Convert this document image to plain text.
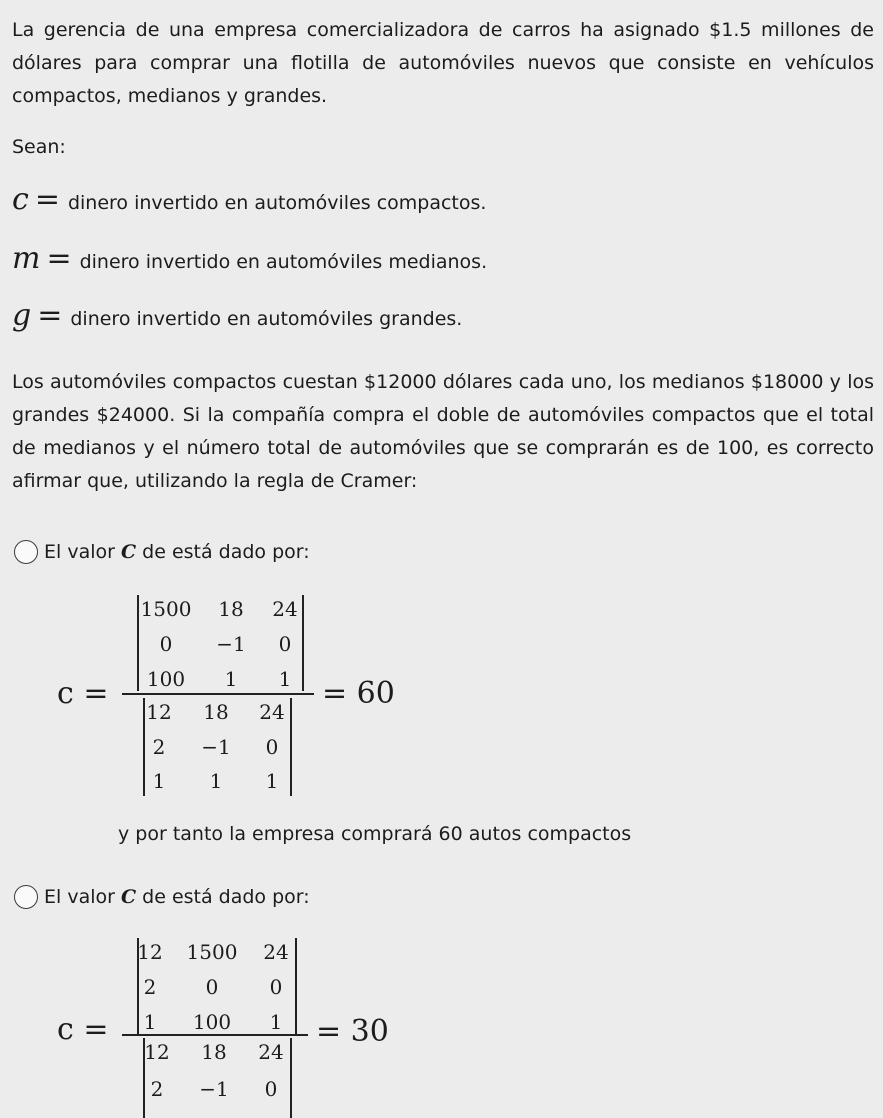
La gerencia de una empresa comercializadora de carros ha asignado $1.5 millones de dólares para comprar una flotilla de automóviles nuevos que consiste en vehículos compactos, medianos y grandes.

Sean:

c = dinero invertido en automóviles compactos.
m = dinero invertido en automóviles medianos.
g = dinero invertido en automóviles grandes.

Los automóviles compactos cuestan $12000 dólares cada uno, los medianos $18000 y los grandes $24000. Si la compañía compra el doble de automóviles compactos que el total de medianos y el número total de automóviles que se comprarán es de 100, es correcto afirmar que, utilizando la regla de Cramer:

El valor
C
de está dado por:
c =
1500	18	24
0	−1	0
100	1	1
12	18	24
2	−1	0
1	1	1
= 60

y por tanto la empresa comprará 60 autos compactos

El valor
C
de está dado por:
c =
12	1500	24
2	0	0
1	100	1
12	18	24
2	−1	0
= 30
